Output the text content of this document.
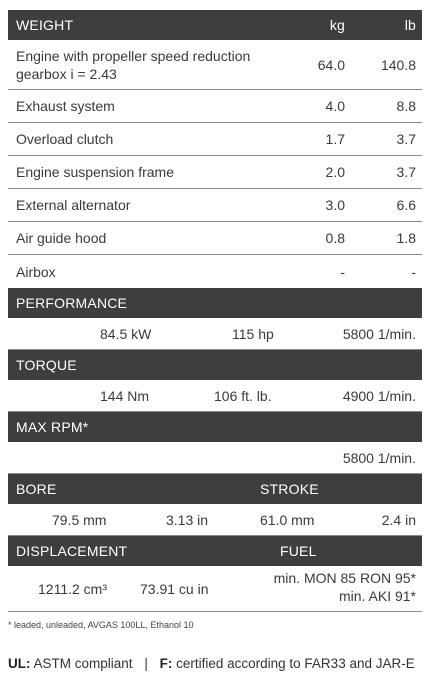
WEIGHT	kg	lb
Engine with propeller speed reduction
gearbox i = 2.43
64.0	140.8
Exhaust system	4.0	8.8
Overload clutch	1.7	3.7
Engine suspension frame	2.0	3.7
External alternator	3.0	6.6
Air guide hood	0.8	1.8
Airbox	-	-
PERFORMANCE
84.5 kW	115 hp	5800 1/min.
TORQUE
144 Nm	106 ft. lb.	4900 1/min.
MAX RPM*
5800 1/min.
BORE	STROKE
79.5 mm	3.13 in	61.0 mm	2.4 in
DISPLACEMENT	FUEL
1211.2 cm³ 73.91 cu in
min. MON 85 RON 95*
min. AKI 91*
* leaded, unleaded, AVGAS 100LL, Ethanol 10
UL: ASTM compliant | F: certified according to FAR33 and JAR-E
